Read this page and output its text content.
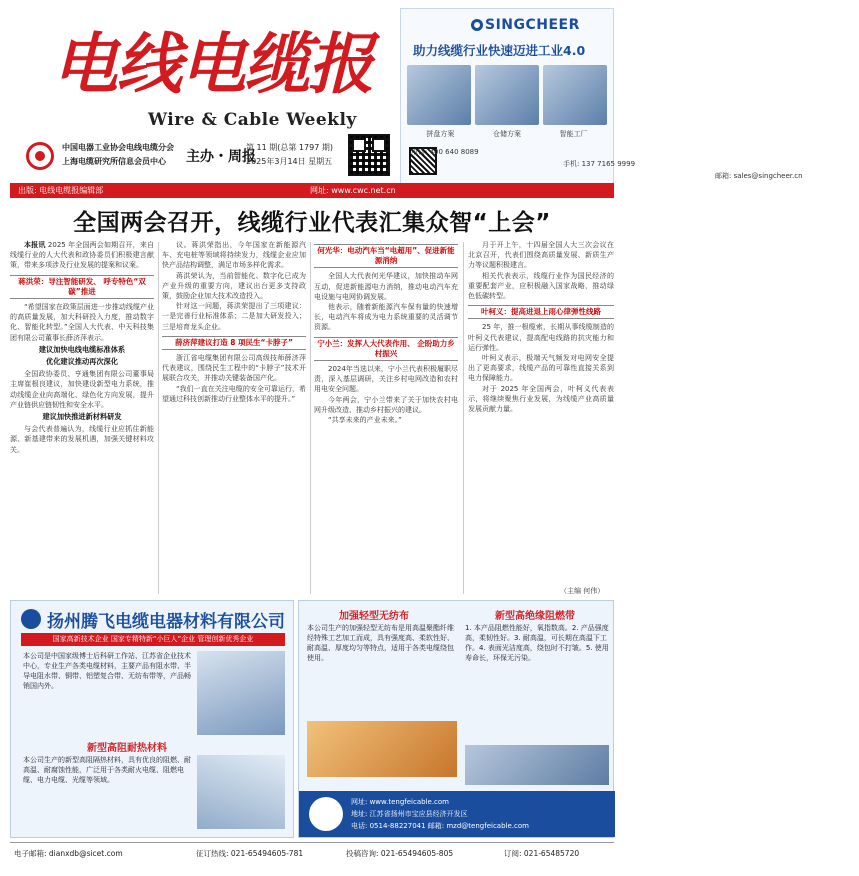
电线电缆报
Wire & Cable Weekly
中国电器工业协会电线电缆分会
上海电缆研究所信息会员中心 主办・周报
第 11 期(总第 1797 期)
2025年3月14日 星期五
SINGCHEER
助力线缆行业快速迈进工业4.0
拼盘方案	仓储方案	智能工厂
电话: 400 640 8089
手机: 137 7165 9999
邮箱: sales@singcheer.cn
出版: 电线电缆报编辑部	网址: www.cwc.net.cn
全国两会召开，线缆行业代表汇集众智“上会”

本报讯 2025 年全国两会如期召开，来自线缆行业的人大代表和政协委员们积极建言献策，带来多项涉及行业发展的提案和议案。

蒋洪荣：导注智能研发、 呼专特色“双碳”推进

“希望国家在政策层面进一步推动线缆产业的高质量发展，加大科研投入力度，推动数字化、智能化转型。”全国人大代表、中天科技集团有限公司董事长薛济萍表示。

建议加快电线电缆标准体系
优化建议推动再次深化

全国政协委员、亨通集团有限公司董事局主席崔根良建议，加快建设新型电力系统，推动线缆企业向高端化、绿色化方向发展，提升产业链供应链韧性和安全水平。

建议加快推进新材料研发

与会代表普遍认为，线缆行业应抓住新能源、新基建带来的发展机遇，加强关键材料攻关。

议。蒋洪荣指出，今年国家在新能源汽车、充电桩等领域将持续发力，线缆企业应加快产品结构调整，满足市场多样化需求。

蒋洪荣认为，当前智能化、数字化已成为产业升级的重要方向，建议出台更多支持政策，鼓励企业加大技术改造投入。

针对这一问题，蒋洪荣提出了三项建议：一是完善行业标准体系；二是加大研发投入；三是培育龙头企业。

薛济萍建议打造 8 项民生“卡脖子”

浙江省电缆集团有限公司高级技师薛济萍代表建议，围绕民生工程中的“卡脖子”技术开展联合攻关，并推动关键装备国产化。

“我们一直在关注电缆的安全可靠运行，希望通过科技创新推动行业整体水平的提升。”

何光华：电动汽车当“电超用”、促进新能源消纳

全国人大代表何光华建议，加快推动车网互动，促进新能源电力消纳，推动电动汽车充电设施与电网协调发展。

他表示，随着新能源汽车保有量的快速增长，电动汽车将成为电力系统重要的灵活调节资源。

宁小兰：发挥人大代表作用、 企盼助力乡村振兴

2024年当选以来，宁小兰代表积极履职尽责，深入基层调研，关注乡村电网改造和农村用电安全问题。

今年两会，宁小兰带来了关于加快农村电网升级改造、推动乡村振兴的建议。

“共享未来的产业未来。”

月于开上午，十四届全国人大三次会议在北京召开，代表们围绕高质量发展、新质生产力等议题积极建言。

相关代表表示，线缆行业作为国民经济的重要配套产业，应积极融入国家战略，推动绿色低碳转型。

叶柯义：提高进退上雨心律弹性线路

25 年，推一根缆索，长期从事线缆制造的叶柯义代表建议，提高配电线路的抗灾能力和运行弹性。

叶柯义表示，极端天气频发对电网安全提出了更高要求，线缆产品的可靠性直接关系到电力保障能力。

对于 2025 年全国两会，叶柯义代表表示，将继续聚焦行业发展，为线缆产业高质量发展贡献力量。

（主编 何伟）
扬州腾飞电缆电器材料有限公司
国家高新技术企业 国家专精特新“小巨人”企业 管理创新优秀企业
本公司是中国家级博士后科研工作站、江苏省企业技术中心，专业生产各类电缆材料，主要产品有阻水带、半导电阻水带、铜带、铝塑复合带、无纺布带等，产品畅销国内外。
新型高阻耐热材料
本公司生产的新型高阻隔热材料，具有优良的阻燃、耐高温、耐腐蚀性能，广泛用于各类耐火电缆、阻燃电缆、电力电缆、光缆等领域。
加强轻型无纺布	新型高绝缘阻燃带
本公司生产的加强轻型无纺布是用高温聚酯纤维经特殊工艺加工而成，具有强度高、柔软性好、耐高温、厚度均匀等特点，适用于各类电缆绕包使用。
1. 本产品阻燃性能好，氧指数高。2. 产品强度高，柔韧性好。3. 耐高温，可长期在高温下工作。4. 表面光洁度高，绕包时不打皱。5. 使用寿命长，环保无污染。
网址: www.tengfeicable.com
地址: 江苏省扬州市宝应县经济开发区
电话: 0514-88227041 邮箱: mzd@tengfeicable.com
电子邮箱: dianxdb@sicet.com	征订热线: 021-65494605-781	投稿咨询: 021-65494605-805	订阅: 021-65485720
